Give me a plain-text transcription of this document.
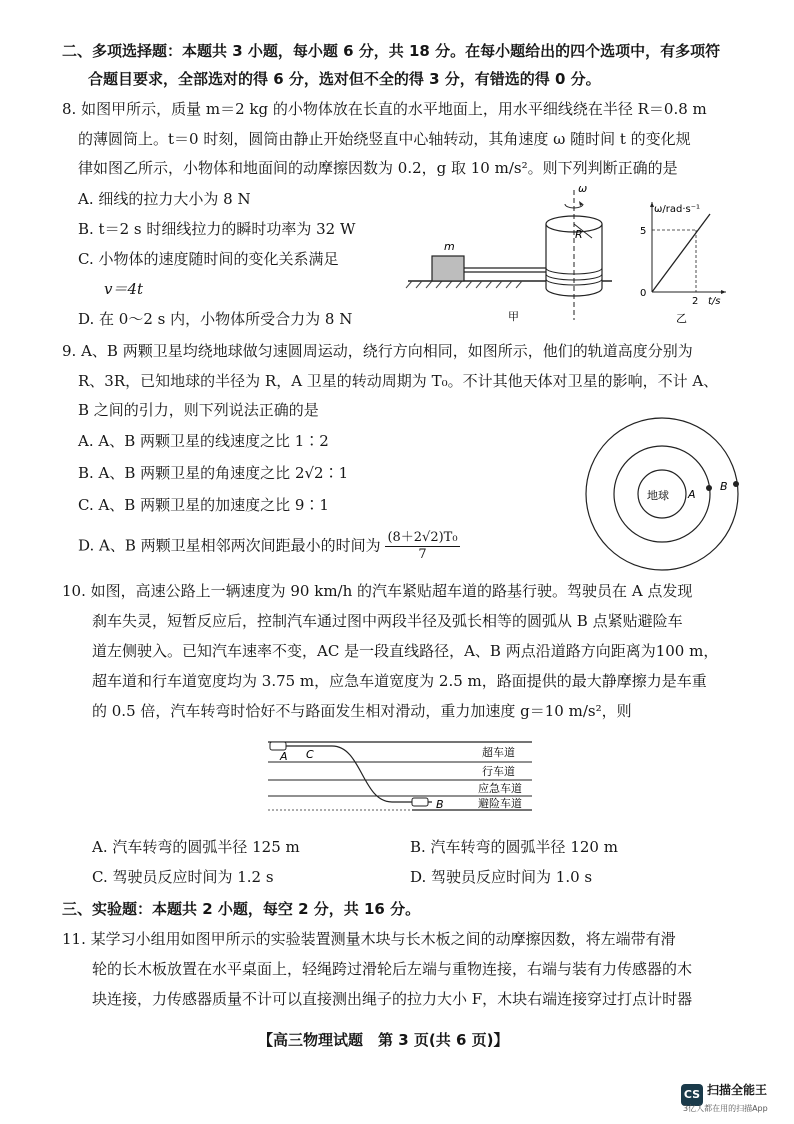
二、多项选择题：本题共 3 小题，每小题 6 分，共 18 分。在每小题给出的四个选项中，有多项符
合题目要求，全部选对的得 6 分，选对但不全的得 3 分，有错选的得 0 分。
8. 如图甲所示，质量 m＝2 kg 的小物体放在长直的水平地面上，用水平细线绕在半径 R＝0.8 m
的薄圆筒上。t＝0 时刻，圆筒由静止开始绕竖直中心轴转动，其角速度 ω 随时间 t 的变化规
律如图乙所示，小物体和地面间的动摩擦因数为 0.2，g 取 10 m/s²。则下列判断正确的是
A. 细线的拉力大小为 8 N
B. t＝2 s 时细线拉力的瞬时功率为 32 W
C. 小物体的速度随时间的变化关系满足
v＝4t
D. 在 0～2 s 内，小物体所受合力为 8 N
m
R
ω
甲
ω/rad·s⁻¹
t/s
0
5
2
乙
9. A、B 两颗卫星均绕地球做匀速圆周运动，绕行方向相同，如图所示，他们的轨道高度分别为
R、3R，已知地球的半径为 R，A 卫星的转动周期为 T₀。不计其他天体对卫星的影响，不计 A、
B 之间的引力，则下列说法正确的是
A. A、B 两颗卫星的线速度之比 1∶2
B. A、B 两颗卫星的角速度之比 2√2∶1
C. A、B 两颗卫星的加速度之比 9∶1
D. A、B 两颗卫星相邻两次间距最小的时间为 $\frac{\text{(8＋2√2)T₀}}{7}$
地球 A
B
10. 如图，高速公路上一辆速度为 90 km/h 的汽车紧贴超车道的路基行驶。驾驶员在 A 点发现
刹车失灵，短暂反应后，控制汽车通过图中两段半径及弧长相等的圆弧从 B 点紧贴避险车
道左侧驶入。已知汽车速率不变，AC 是一段直线路径，A、B 两点沿道路方向距离为100 m，
超车道和行车道宽度均为 3.75 m，应急车道宽度为 2.5 m，路面提供的最大静摩擦力是车重
的 0.5 倍，汽车转弯时恰好不与路面发生相对滑动，重力加速度 g＝10 m/s²，则
A C
B
超车道
行车道
应急车道
避险车道
A. 汽车转弯的圆弧半径 125 m	B. 汽车转弯的圆弧半径 120 m
C. 驾驶员反应时间为 1.2 s	D. 驾驶员反应时间为 1.0 s
三、实验题：本题共 2 小题，每空 2 分，共 16 分。
11. 某学习小组用如图甲所示的实验装置测量木块与长木板之间的动摩擦因数，将左端带有滑
轮的长木板放置在水平桌面上，轻绳跨过滑轮后左端与重物连接，右端与装有力传感器的木
块连接，力传感器质量不计可以直接测出绳子的拉力大小 F，木块右端连接穿过打点计时器
【高三物理试题　第 3 页(共 6 页)】
CS 扫描全能王
3亿人都在用的扫描App
